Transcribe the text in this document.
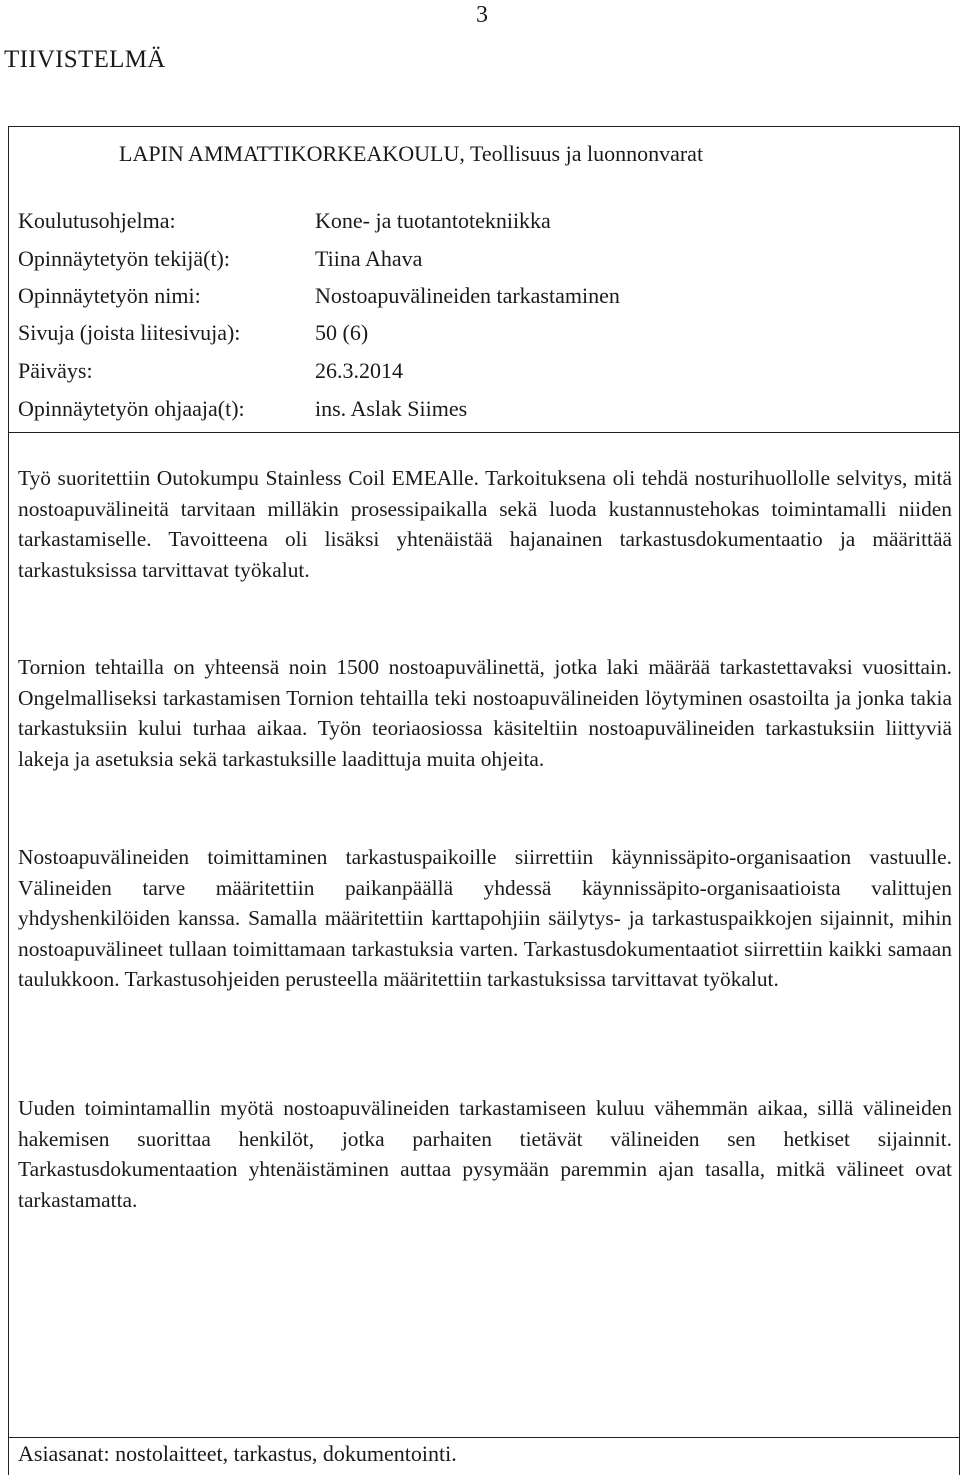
3
TIIVISTELMÄ
LAPIN AMMATTIKORKEAKOULU, Teollisuus ja luonnonvarat
Koulutusohjelma:	Kone- ja tuotantotekniikka
Opinnäytetyön tekijä(t):	Tiina Ahava
Opinnäytetyön nimi:	Nostoapuvälineiden tarkastaminen
Sivuja (joista liitesivuja):	50 (6)
Päiväys:	26.3.2014
Opinnäytetyön ohjaaja(t):	ins. Aslak Siimes
Työ suoritettiin Outokumpu Stainless Coil EMEAlle. Tarkoituksena oli tehdä nosturihuollolle selvitys, mitä nostoapuvälineitä tarvitaan milläkin prosessipaikalla sekä luoda kustannustehokas toimintamalli niiden tarkastamiselle. Tavoitteena oli lisäksi yhtenäistää hajanainen tarkastusdokumentaatio ja määrittää tarkastuksissa tarvittavat työkalut.
Tornion tehtailla on yhteensä noin 1500 nostoapuvälinettä, jotka laki määrää tarkastettavaksi vuosittain. Ongelmalliseksi tarkastamisen Tornion tehtailla teki nostoapuvälineiden löytyminen osastoilta ja jonka takia tarkastuksiin kului turhaa aikaa. Työn teoriaosiossa käsiteltiin nostoapuvälineiden tarkastuksiin liittyviä lakeja ja asetuksia sekä tarkastuksille laadittuja muita ohjeita.
Nostoapuvälineiden toimittaminen tarkastuspaikoille siirrettiin käynnissäpito-organisaation vastuulle. Välineiden tarve määritettiin paikanpäällä yhdessä käynnissäpito-organisaatioista valittujen yhdyshenkilöiden kanssa. Samalla määritettiin karttapohjiin säilytys- ja tarkastuspaikkojen sijainnit, mihin nostoapuvälineet tullaan toimittamaan tarkastuksia varten. Tarkastusdokumentaatiot siirrettiin kaikki samaan taulukkoon. Tarkastusohjeiden perusteella määritettiin tarkastuksissa tarvittavat työkalut.
Uuden toimintamallin myötä nostoapuvälineiden tarkastamiseen kuluu vähemmän aikaa, sillä välineiden hakemisen suorittaa henkilöt, jotka parhaiten tietävät välineiden sen hetkiset sijainnit. Tarkastusdokumentaation yhtenäistäminen auttaa pysymään paremmin ajan tasalla, mitkä välineet ovat tarkastamatta.
Asiasanat: nostolaitteet, tarkastus, dokumentointi.
